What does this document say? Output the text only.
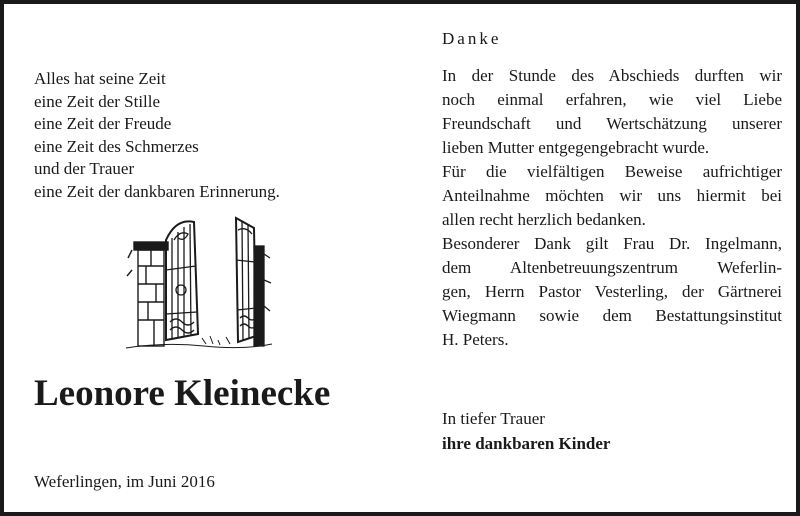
Alles hat seine Zeit
eine Zeit der Stille
eine Zeit der Freude
eine Zeit des Schmerzes
und der Trauer
eine Zeit der dankbaren Erinnerung.
Leonore Kleinecke
Weferlingen, im Juni 2016
Danke
In der Stunde des Abschieds durften wir
noch einmal erfahren, wie viel Liebe
Freundschaft und Wertschätzung unserer
lieben Mutter entgegengebracht wurde.
Für die vielfältigen Beweise aufrichtiger
Anteilnahme möchten wir uns hiermit bei
allen recht herzlich bedanken.
Besonderer Dank gilt Frau Dr. Ingelmann,
dem Altenbetreuungszentrum Weferlin-
gen, Herrn Pastor Vesterling, der Gärtnerei
Wiegmann sowie dem Bestattungsinstitut
H. Peters.
In tiefer Trauer
ihre dankbaren Kinder
